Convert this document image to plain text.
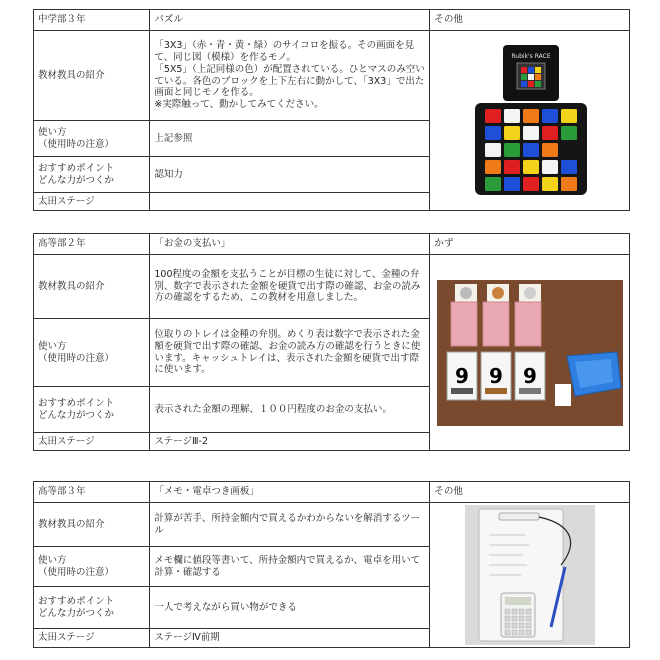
中学部３年	パズル	その他
教材教具の紹介	「3X3」（赤・青・黄・緑）のサイコロを振る。その画面を見て、同じ図（模様）を作るモノ。
「5X5」（上記同様の色）が配置されている。ひとマスのみ空いている。各色のブロックを上下左右に動かして、「3X3」で出た画面と同じモノを作る。
※実際触って、動かしてみてください。	Rubik's RACE

使い方
（使用時の注意）	上記参照	
おすすめポイント
どんな力がつくか	認知力	
太田ステージ		
高等部２年	「お金の支払い」	かず
教材教具の紹介	100程度の金額を支払うことが目標の生徒に対して、金種の弁別、数字で表示された金額を硬貨で出す際の確認、お金の読み方の確認をするため、この教材を用意しました。	9 9 9

使い方
（使用時の注意）	位取りのトレイは金種の弁別。めくり表は数字で表示された金額を硬貨で出す際の確認、お金の読み方の確認を行うときに使います。キャッシュトレイは、表示された金額を硬貨で出す際に使います。	
おすすめポイント
どんな力がつくか	表示された金額の理解、１００円程度のお金の支払い。	
太田ステージ	ステージⅢ-2	
高等部３年	「メモ・電卓つき画板」	その他
教材教具の紹介	計算が苦手、所持金額内で買えるかわからないを解消するツール	

使い方
（使用時の注意）	メモ欄に値段等書いて、所持金額内で買えるか、電卓を用いて計算・確認する	
おすすめポイント
どんな力がつくか	一人で考えながら買い物ができる	
太田ステージ	ステージⅣ前期	
